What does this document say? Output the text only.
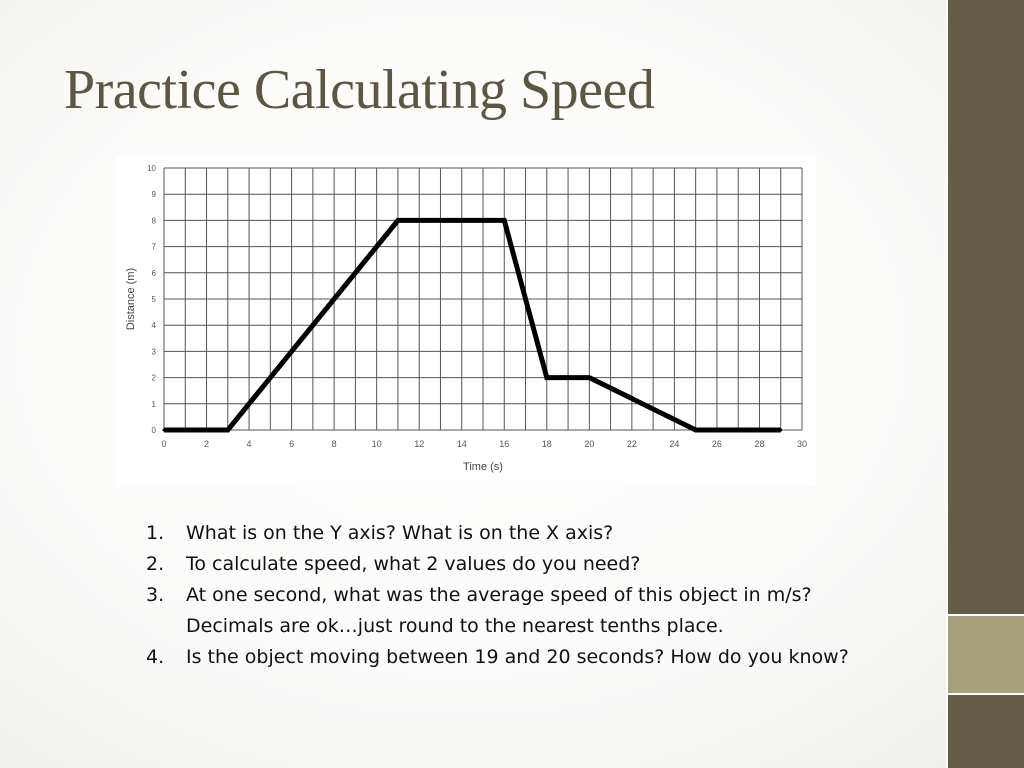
Practice Calculating Speed
0	2	4	6	8	10	12	14	16	18	20	22	24	26	28	30
0
1
2
3
4
5
6
7
8
9
10
Time (s)
Distance (m)
1. What is on the Y axis? What is on the X axis?
2. To calculate speed, what 2 values do you need?
3. At one second, what was the average speed of this object in m/s? Decimals are ok…just round to the nearest tenths place.
4. Is the object moving between 19 and 20 seconds? How do you know?
